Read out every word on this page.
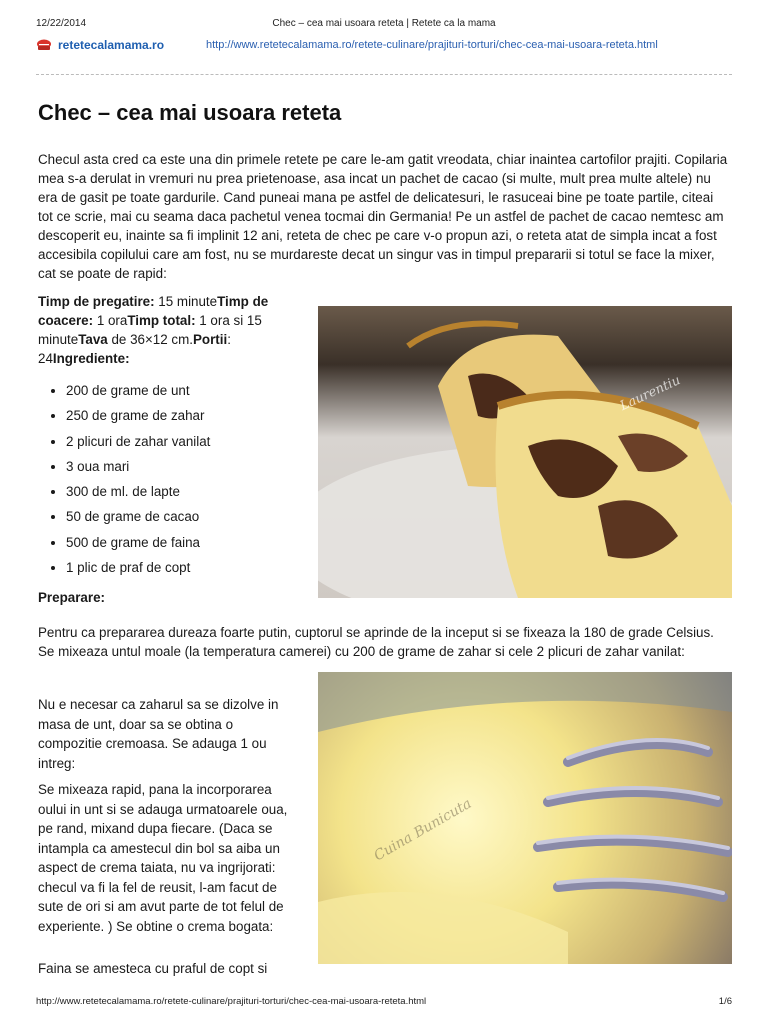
12/22/2014	Chec – cea mai usoara reteta | Retete ca la mama
retetecalamama.ro	http://www.retetecalamama.ro/retete-culinare/prajituri-torturi/chec-cea-mai-usoara-reteta.html
Chec – cea mai usoara reteta

Checul asta cred ca este una din primele retete pe care le-am gatit vreodata, chiar inaintea cartofilor prajiti. Copilaria mea s-a derulat in vremuri nu prea prietenoase, asa incat un pachet de cacao (si multe, mult prea multe altele) nu era de gasit pe toate gardurile. Cand puneai mana pe astfel de delicatesuri, le rasuceai bine pe toate partile, citeai tot ce scrie, mai cu seama daca pachetul venea tocmai din Germania! Pe un astfel de pachet de cacao nemtesc am descoperit eu, inainte sa fi implinit 12 ani, reteta de chec pe care v-o propun azi, o reteta atat de simpla incat a fost accesibila copilului care am fost, nu se murdareste decat un singur vas in timpul prepararii si totul se face la mixer, cat se poate de rapid:

Timp de pregatire: 15 minuteTimp de coacere: 1 oraTimp total: 1 ora si 15 minuteTava de 36×12 cm.Portii: 24Ingrediente:

• 200 de grame de unt
• 250 de grame de zahar
• 2 plicuri de zahar vanilat
• 3 oua mari
• 300 de ml. de lapte
• 50 de grame de cacao
• 500 de grame de faina
• 1 plic de praf de copt
Laurentiu

Preparare:

Pentru ca prepararea dureaza foarte putin, cuptorul se aprinde de la inceput si se fixeaza la 180 de grade Celsius. Se mixeaza untul moale (la temperatura camerei) cu 200 de grame de zahar si cele 2 plicuri de zahar vanilat:

Nu e necesar ca zaharul sa se dizolve in masa de unt, doar sa se obtina o compozitie cremoasa. Se adauga 1 ou intreg:

Se mixeaza rapid, pana la incorporarea oului in unt si se adauga urmatoarele oua, pe rand, mixand dupa fiecare. (Daca se intampla ca amestecul din bol sa aiba un aspect de crema taiata, nu va ingrijorati: checul va fi la fel de reusit, l-am facut de sute de ori si am avut parte de tot felul de experiente. ) Se obtine o crema bogata:

Cuina Bunicuta

Faina se amesteca cu praful de copt si

http://www.retetecalamama.ro/retete-culinare/prajituri-torturi/chec-cea-mai-usoara-reteta.html	1/6
